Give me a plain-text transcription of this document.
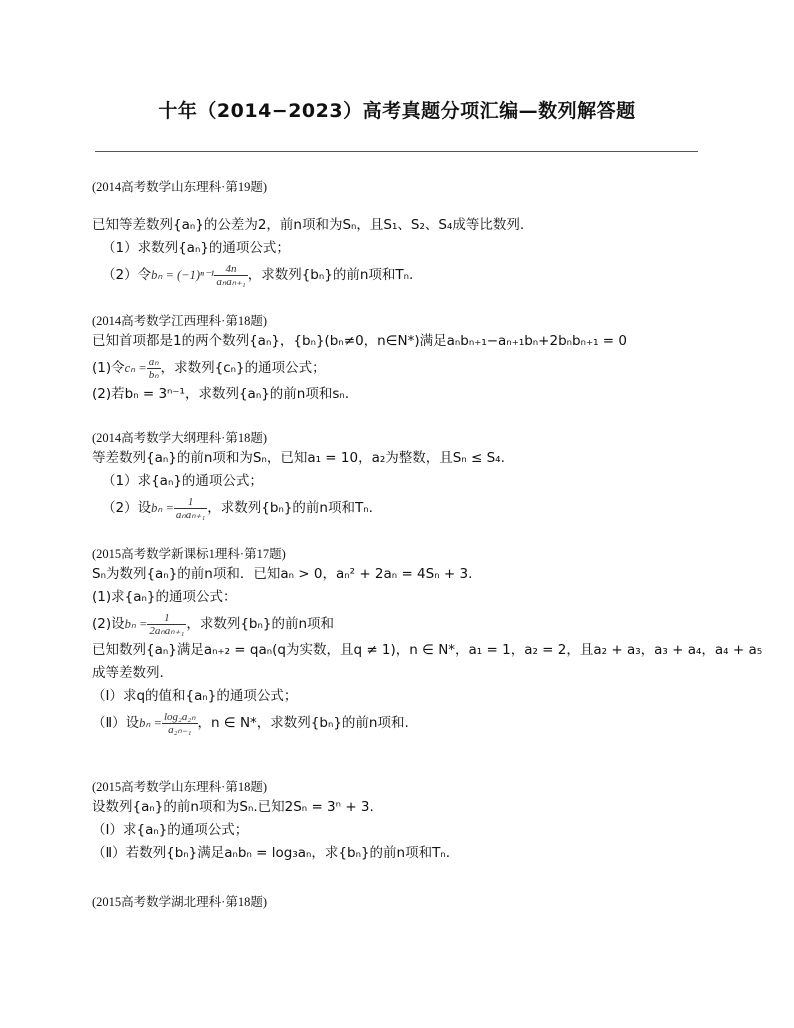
十年（2014−2023）高考真题分项汇编—数列解答题
(2014高考数学山东理科·第19题)
已知等差数列{aₙ}的公差为2，前n项和为Sₙ，且S₁、S₂、S₄成等比数列.
（1）求数列{aₙ}的通项公式；
（2）令$b_n = (-1)^{n-1} \frac{4n}{\text{aₙaₙ₊₁}}$ ，求数列{bₙ}的前n项和Tₙ.
(2014高考数学江西理科·第18题)
已知首项都是1的两个数列{aₙ}，{bₙ}(bₙ≠0，n∈N*)满足aₙbₙ₊₁−aₙ₊₁bₙ+2bₙbₙ₊₁ = 0
(1)令$c_n = \frac{\text{aₙ}}{\text{bₙ}}$ ，求数列{cₙ}的通项公式；
(2)若bₙ = 3ⁿ⁻¹，求数列{aₙ}的前n项和sₙ.
(2014高考数学大纲理科·第18题)
等差数列{aₙ}的前n项和为Sₙ，已知a₁ = 10，a₂为整数，且Sₙ ≤ S₄.
（1）求{aₙ}的通项公式；
（2）设$b_n = \frac{1}{\text{aₙaₙ₊₁}}$ ，求数列{bₙ}的前n项和Tₙ.
(2015高考数学新课标1理科·第17题)
Sₙ为数列{aₙ}的前n项和．已知aₙ > 0，aₙ² + 2aₙ = 4Sₙ + 3.
(1)求{aₙ}的通项公式：
(2)设$b_n = \frac{1}{\text{2aₙaₙ₊₁}}$ ，求数列{bₙ}的前n项和
已知数列{aₙ}满足aₙ₊₂ = qaₙ(q为实数，且q ≠ 1)，n ∈ N*，a₁ = 1，a₂ = 2，且a₂ + a₃，a₃ + a₄，a₄ + a₅
成等差数列.
（Ⅰ）求q的值和{aₙ}的通项公式；
（Ⅱ）设$b_n = \frac{\text{log₂a₂ₙ}}{\text{a₂ₙ₋₁}}$ ，n ∈ N*，求数列{bₙ}的前n项和.
(2015高考数学山东理科·第18题)
设数列{aₙ}的前n项和为Sₙ.已知2Sₙ = 3ⁿ + 3.
（Ⅰ）求{aₙ}的通项公式；
（Ⅱ）若数列{bₙ}满足aₙbₙ = log₃aₙ，求{bₙ}的前n项和Tₙ.
(2015高考数学湖北理科·第18题)
